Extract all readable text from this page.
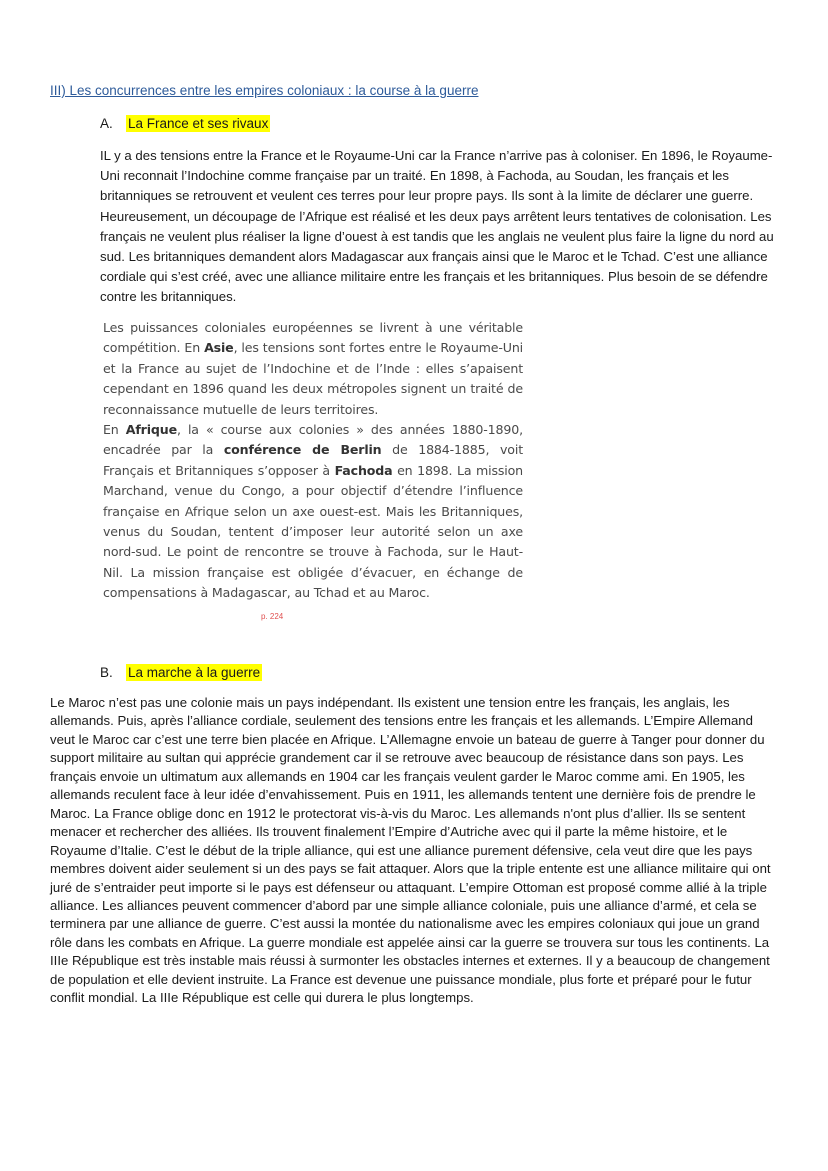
III) Les concurrences entre les empires coloniaux : la course à la guerre
A. La France et ses rivaux

IL y a des tensions entre la France et le Royaume-Uni car la France n’arrive pas à coloniser. En 1896, le Royaume-Uni reconnait l’Indochine comme française par un traité. En 1898, à Fachoda, au Soudan, les français et les britanniques se retrouvent et veulent ces terres pour leur propre pays. Ils sont à la limite de déclarer une guerre. Heureusement, un découpage de l’Afrique est réalisé et les deux pays arrêtent leurs tentatives de colonisation. Les français ne veulent plus réaliser la ligne d’ouest à est tandis que les anglais ne veulent plus faire la ligne du nord au sud. Les britanniques demandent alors Madagascar aux français ainsi que le Maroc et le Tchad. C’est une alliance cordiale qui s’est créé, avec une alliance militaire entre les français et les britanniques. Plus besoin de se défendre contre les britanniques.

Les puissances coloniales européennes se livrent à une véritable compétition. En Asie, les tensions sont fortes entre le Royaume-Uni et la France au sujet de l’Indochine et de l’Inde : elles s’apaisent cependant en 1896 quand les deux métropoles signent un traité de reconnaissance mutuelle de leurs territoires.

En Afrique, la « course aux colonies » des années 1880-1890, encadrée par la conférence de Berlin de 1884-1885, voit Français et Britanniques s’opposer à Fachoda en 1898. La mission Marchand, venue du Congo, a pour objectif d’étendre l’influence française en Afrique selon un axe ouest-est. Mais les Britanniques, venus du Soudan, tentent d’imposer leur autorité selon un axe nord-sud. Le point de rencontre se trouve à Fachoda, sur le Haut-Nil. La mission française est obligée d’évacuer, en échange de compensations à Madagascar, au Tchad et au Maroc.

p. 224
B. La marche à la guerre

Le Maroc n’est pas une colonie mais un pays indépendant. Ils existent une tension entre les français, les anglais, les allemands. Puis, après l’alliance cordiale, seulement des tensions entre les français et les allemands. L’Empire Allemand veut le Maroc car c’est une terre bien placée en Afrique. L’Allemagne envoie un bateau de guerre à Tanger pour donner du support militaire au sultan qui apprécie grandement car il se retrouve avec beaucoup de résistance dans son pays. Les français envoie un ultimatum aux allemands en 1904 car les français veulent garder le Maroc comme ami. En 1905, les allemands reculent face à leur idée d’envahissement. Puis en 1911, les allemands tentent une dernière fois de prendre le Maroc. La France oblige donc en 1912 le protectorat vis-à-vis du Maroc. Les allemands n'ont plus d’allier. Ils se sentent menacer et rechercher des alliées. Ils trouvent finalement l’Empire d’Autriche avec qui il parte la même histoire, et le Royaume d’Italie. C’est le début de la triple alliance, qui est une alliance purement défensive, cela veut dire que les pays membres doivent aider seulement si un des pays se fait attaquer. Alors que la triple entente est une alliance militaire qui ont juré de s’entraider peut importe si le pays est défenseur ou attaquant. L’empire Ottoman est proposé comme allié à la triple alliance. Les alliances peuvent commencer d’abord par une simple alliance coloniale, puis une alliance d’armé, et cela se terminera par une alliance de guerre. C’est aussi la montée du nationalisme avec les empires coloniaux qui joue un grand rôle dans les combats en Afrique. La guerre mondiale est appelée ainsi car la guerre se trouvera sur tous les continents. La IIIe République est très instable mais réussi à surmonter les obstacles internes et externes. Il y a beaucoup de changement de population et elle devient instruite. La France est devenue une puissance mondiale, plus forte et préparé pour le futur conflit mondial. La IIIe République est celle qui durera le plus longtemps.
